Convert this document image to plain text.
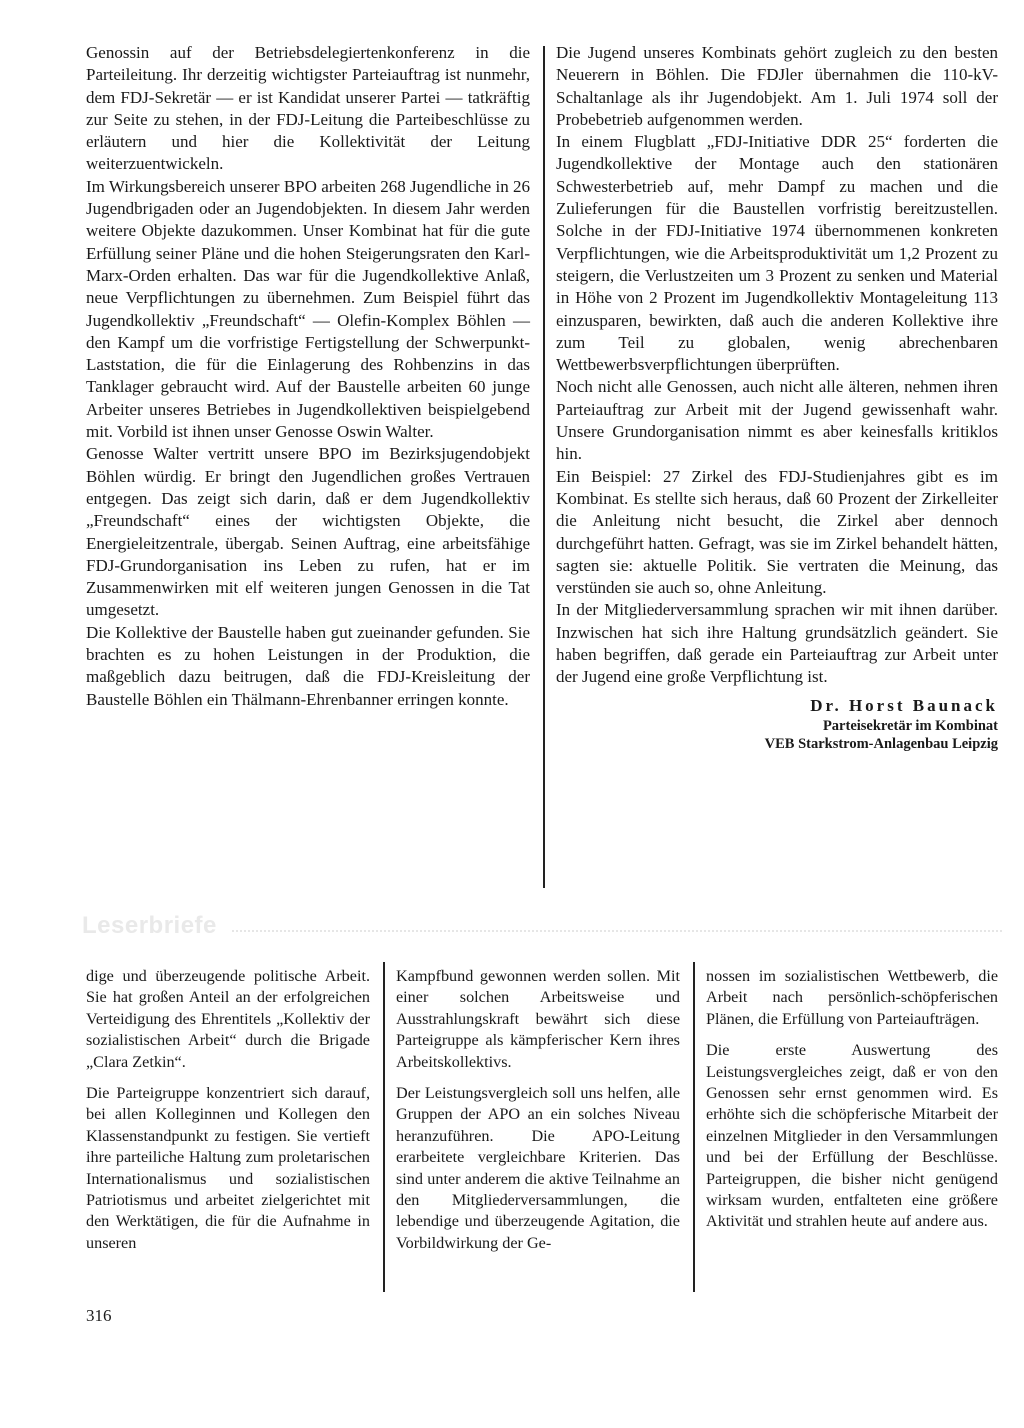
Genossin auf der Betriebsdelegiertenkonferenz in die Parteileitung. Ihr derzeitig wichtigster Parteiauftrag ist nunmehr, dem FDJ-Sekretär — er ist Kandidat unserer Partei — tatkräftig zur Seite zu stehen, in der FDJ-Leitung die Parteibeschlüsse zu erläutern und hier die Kollektivität der Leitung weiterzuentwickeln.

Im Wirkungsbereich unserer BPO arbeiten 268 Jugendliche in 26 Jugendbrigaden oder an Jugendobjekten. In diesem Jahr werden weitere Objekte dazukommen. Unser Kombinat hat für die gute Erfüllung seiner Pläne und die hohen Steigerungsraten den Karl-Marx-Orden erhalten. Das war für die Jugendkollektive Anlaß, neue Verpflichtungen zu übernehmen. Zum Beispiel führt das Jugendkollektiv „Freundschaft“ — Olefin-Komplex Böhlen — den Kampf um die vorfristige Fertigstellung der Schwerpunkt-Laststation, die für die Einlagerung des Rohbenzins in das Tanklager gebraucht wird. Auf der Baustelle arbeiten 60 junge Arbeiter unseres Betriebes in Jugendkollektiven beispielgebend mit. Vorbild ist ihnen unser Genosse Oswin Walter.

Genosse Walter vertritt unsere BPO im Bezirksjugendobjekt Böhlen würdig. Er bringt den Jugendlichen großes Vertrauen entgegen. Das zeigt sich darin, daß er dem Jugendkollektiv „Freundschaft“ eines der wichtigsten Objekte, die Energieleitzentrale, übergab. Seinen Auftrag, eine arbeitsfähige FDJ-Grundorganisation ins Leben zu rufen, hat er im Zusammenwirken mit elf weiteren jungen Genossen in die Tat umgesetzt.

Die Kollektive der Baustelle haben gut zueinander gefunden. Sie brachten es zu hohen Leistungen in der Produktion, die maßgeblich dazu beitrugen, daß die FDJ-Kreisleitung der Baustelle Böhlen ein Thälmann-Ehrenbanner erringen konnte.

Die Jugend unseres Kombinats gehört zugleich zu den besten Neuerern in Böhlen. Die FDJler übernahmen die 110-kV-Schaltanlage als ihr Jugendobjekt. Am 1. Juli 1974 soll der Probebetrieb aufgenommen werden.

In einem Flugblatt „FDJ-Initiative DDR 25“ forderten die Jugendkollektive der Montage auch den stationären Schwesterbetrieb auf, mehr Dampf zu machen und die Zulieferungen für die Baustellen vorfristig bereitzustellen. Solche in der FDJ-Initiative 1974 übernommenen konkreten Verpflichtungen, wie die Arbeitsproduktivität um 1,2 Prozent zu steigern, die Verlustzeiten um 3 Prozent zu senken und Material in Höhe von 2 Prozent im Jugendkollektiv Montageleitung 113 einzusparen, bewirkten, daß auch die anderen Kollektive ihre zum Teil zu globalen, wenig abrechenbaren Wettbewerbsverpflichtungen überprüften.

Noch nicht alle Genossen, auch nicht alle älteren, nehmen ihren Parteiauftrag zur Arbeit mit der Jugend gewissenhaft wahr. Unsere Grundorganisation nimmt es aber keinesfalls kritiklos hin.

Ein Beispiel: 27 Zirkel des FDJ-Studienjahres gibt es im Kombinat. Es stellte sich heraus, daß 60 Prozent der Zirkelleiter die Anleitung nicht besucht, die Zirkel aber dennoch durchgeführt hatten. Gefragt, was sie im Zirkel behandelt hätten, sagten sie: aktuelle Politik. Sie vertraten die Meinung, das verstünden sie auch so, ohne Anleitung.

In der Mitgliederversammlung sprachen wir mit ihnen darüber. Inzwischen hat sich ihre Haltung grundsätzlich geändert. Sie haben begriffen, daß gerade ein Parteiauftrag zur Arbeit unter der Jugend eine große Verpflichtung ist.

Dr. Horst Baunack
Parteisekretär im Kombinat
VEB Starkstrom-Anlagenbau Leipzig
Leserbriefe

dige und überzeugende politische Arbeit. Sie hat großen Anteil an der erfolgreichen Verteidigung des Ehrentitels „Kollektiv der sozialistischen Arbeit“ durch die Brigade „Clara Zetkin“.

Die Parteigruppe konzentriert sich darauf, bei allen Kolleginnen und Kollegen den Klassenstandpunkt zu festigen. Sie vertieft ihre parteiliche Haltung zum proletarischen Internationalismus und sozialistischen Patriotismus und arbeitet zielgerichtet mit den Werktätigen, die für die Aufnahme in unseren

Kampfbund gewonnen werden sollen. Mit einer solchen Arbeitsweise und Ausstrahlungskraft bewährt sich diese Parteigruppe als kämpferischer Kern ihres Arbeitskollektivs.

Der Leistungsvergleich soll uns helfen, alle Gruppen der APO an ein solches Niveau heranzuführen. Die APO-Leitung erarbeitete vergleichbare Kriterien. Das sind unter anderem die aktive Teilnahme an den Mitgliederversammlungen, die lebendige und überzeugende Agitation, die Vorbildwirkung der Ge-

nossen im sozialistischen Wettbewerb, die Arbeit nach persönlich-schöpferischen Plänen, die Erfüllung von Parteiaufträgen.

Die erste Auswertung des Leistungsvergleiches zeigt, daß er von den Genossen sehr ernst genommen wird. Es erhöhte sich die schöpferische Mitarbeit der einzelnen Mitglieder in den Versammlungen und bei der Erfüllung der Beschlüsse. Parteigruppen, die bisher nicht genügend wirksam wurden, entfalteten eine größere Aktivität und strahlen heute auf andere aus.

316
